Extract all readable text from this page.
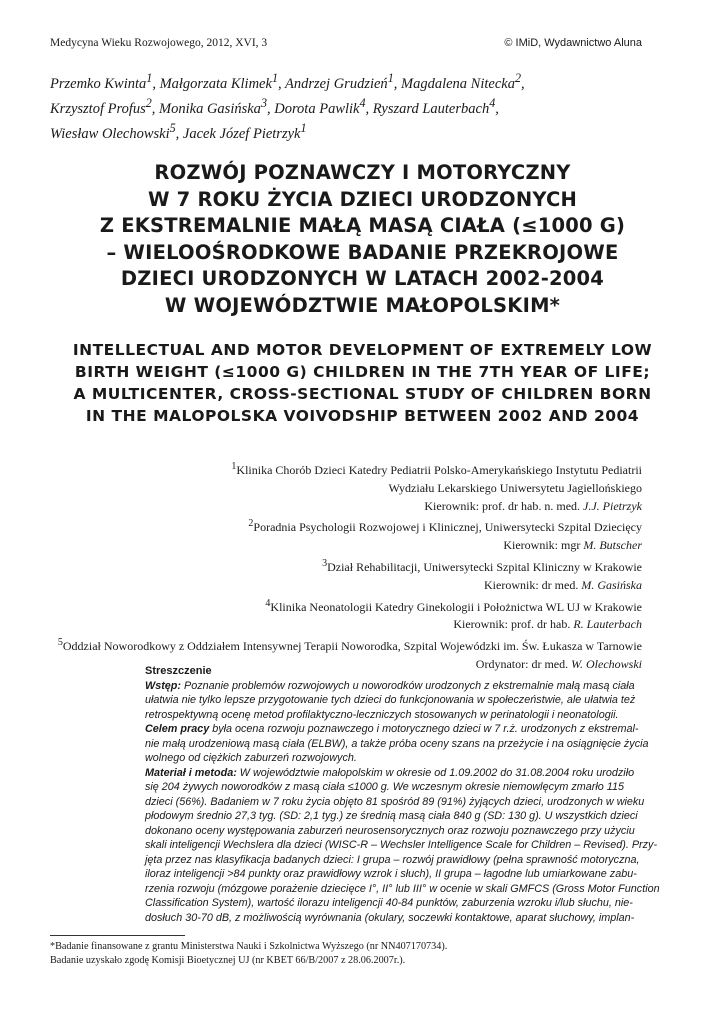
Medycyna Wieku Rozwojowego, 2012, XVI, 3	© IMiD, Wydawnictwo Aluna
Przemko Kwinta$^1$, Małgorzata Klimek$^1$, Andrzej Grudzień$^1$, Magdalena Nitecka$^2$,
Krzysztof Profus$^2$, Monika Gasińska$^3$, Dorota Pawlik$^4$, Ryszard Lauterbach$^4$,
Wiesław Olechowski$^5$, Jacek Józef Pietrzyk$^1$
ROZWÓJ POZNAWCZY I MOTORYCZNY
W 7 ROKU ŻYCIA DZIECI URODZONYCH
Z EKSTREMALNIE MAŁĄ MASĄ CIAŁA (≤1000 G)
– WIELOOŚRODKOWE BADANIE PRZEKROJOWE
DZIECI URODZONYCH W LATACH 2002-2004
W WOJEWÓDZTWIE MAŁOPOLSKIM*
INTELLECTUAL AND MOTOR DEVELOPMENT OF EXTREMELY LOW
BIRTH WEIGHT (≤1000 G) CHILDREN IN THE 7TH YEAR OF LIFE;
A MULTICENTER, CROSS-SECTIONAL STUDY OF CHILDREN BORN
IN THE MALOPOLSKA VOIVODSHIP BETWEEN 2002 AND 2004
$^1$Klinika Chorób Dzieci Katedry Pediatrii Polsko-Amerykańskiego Instytutu Pediatrii
Wydziału Lekarskiego Uniwersytetu Jagiellońskiego
Kierownik: prof. dr hab. n. med. J.J. Pietrzyk
$^2$Poradnia Psychologii Rozwojowej i Klinicznej, Uniwersytecki Szpital Dziecięcy
Kierownik: mgr M. Butscher
$^3$Dział Rehabilitacji, Uniwersytecki Szpital Kliniczny w Krakowie
Kierownik: dr med. M. Gasińska
$^4$Klinika Neonatologii Katedry Ginekologii i Położnictwa WL UJ w Krakowie
Kierownik: prof. dr hab. R. Lauterbach
$^5$Oddział Noworodkowy z Oddziałem Intensywnej Terapii Noworodka, Szpital Wojewódzki im. Św. Łukasza w Tarnowie
Ordynator: dr med. W. Olechowski
Streszczenie
Wstęp: Poznanie problemów rozwojowych u noworodków urodzonych z ekstremalnie małą masą ciała
ułatwia nie tylko lepsze przygotowanie tych dzieci do funkcjonowania w społeczeństwie, ale ułatwia też
retrospektywną ocenę metod profilaktyczno-leczniczych stosowanych w perinatologii i neonatologii.
Celem pracy była ocena rozwoju poznawczego i motorycznego dzieci w 7 r.ż. urodzonych z ekstremal-
nie małą urodzeniową masą ciała (ELBW), a także próba oceny szans na przeżycie i na osiągnięcie życia
wolnego od ciężkich zaburzeń rozwojowych.
Materiał i metoda: W województwie małopolskim w okresie od 1.09.2002 do 31.08.2004 roku urodziło
się 204 żywych noworodków z masą ciała ≤1000 g. We wczesnym okresie niemowlęcym zmarło 115
dzieci (56%). Badaniem w 7 roku życia objęto 81 spośród 89 (91%) żyjących dzieci, urodzonych w wieku
płodowym średnio 27,3 tyg. (SD: 2,1 tyg.) ze średnią masą ciała 840 g (SD: 130 g). U wszystkich dzieci
dokonano oceny występowania zaburzeń neurosensorycznych oraz rozwoju poznawczego przy użyciu
skali inteligencji Wechslera dla dzieci (WISC-R – Wechsler Intelligence Scale for Children – Revised). Przy-
jęta przez nas klasyfikacja badanych dzieci: I grupa – rozwój prawidłowy (pełna sprawność motoryczna,
iloraz inteligencji >84 punkty oraz prawidłowy wzrok i słuch), II grupa – łagodne lub umiarkowane zabu-
rzenia rozwoju (mózgowe porażenie dziecięce I°, II° lub III° w ocenie w skali GMFCS (Gross Motor Function
Classification System), wartość ilorazu inteligencji 40-84 punktów, zaburzenia wzroku i/lub słuchu, nie-
dosłuch 30-70 dB, z możliwością wyrównania (okulary, soczewki kontaktowe, aparat słuchowy, implan-
*Badanie finansowane z grantu Ministerstwa Nauki i Szkolnictwa Wyższego (nr NN407170734).
Badanie uzyskało zgodę Komisji Bioetycznej UJ (nr KBET 66/B/2007 z 28.06.2007r.).
